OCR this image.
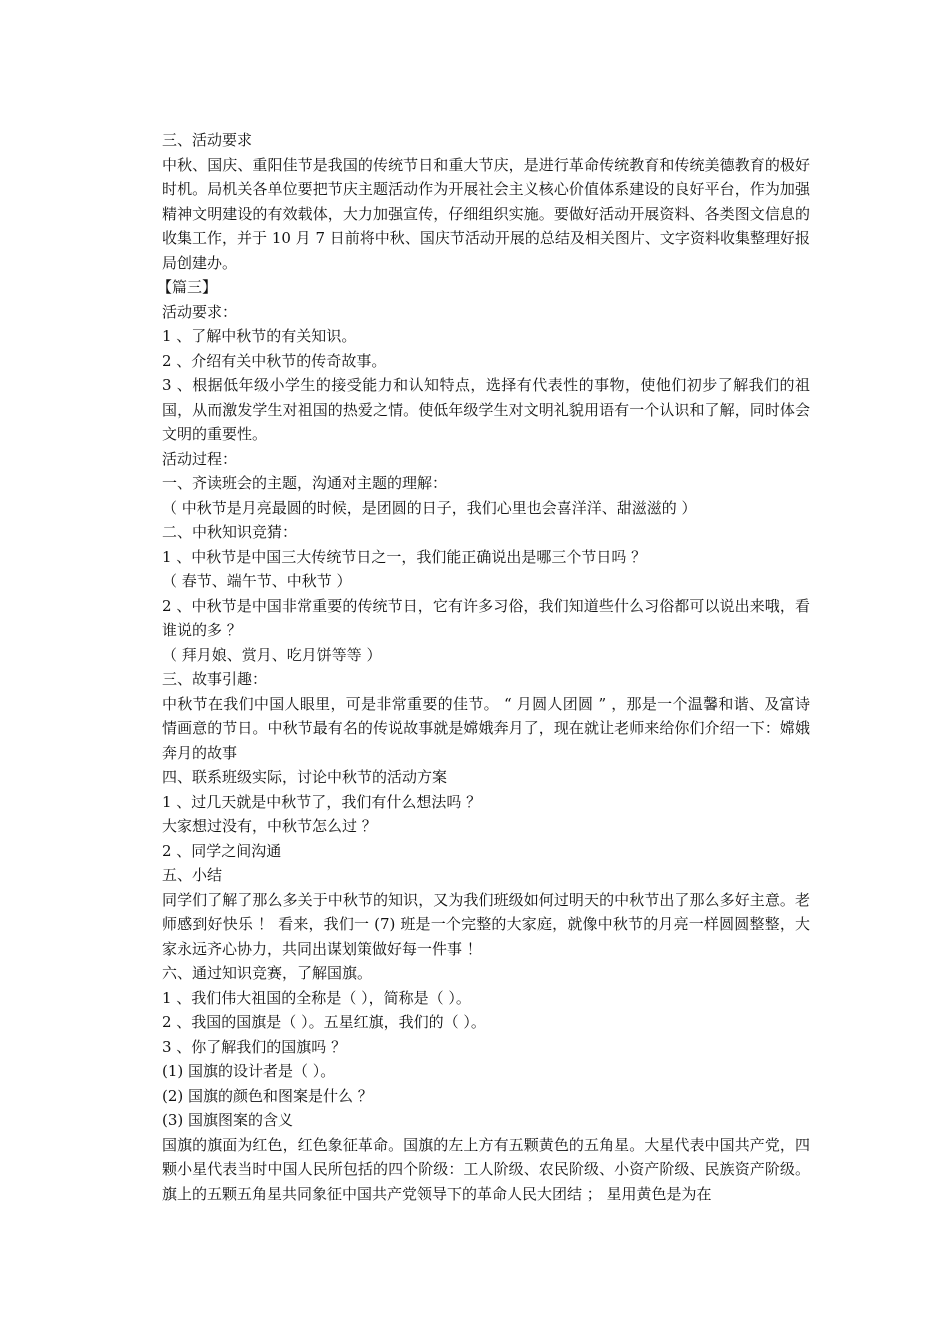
三、活动要求

中秋、国庆、重阳佳节是我国的传统节日和重大节庆，是进行革命传统教育和传统美德教育的极好时机。局机关各单位要把节庆主题活动作为开展社会主义核心价值体系建设的良好平台，作为加强精神文明建设的有效载体，大力加强宣传，仔细组织实施。要做好活动开展资料、各类图文信息的收集工作，并于 10 月 7 日前将中秋、国庆节活动开展的总结及相关图片、文字资料收集整理好报局创建办。

【篇三】

活动要求：

1 、了解中秋节的有关知识。

2 、介绍有关中秋节的传奇故事。

3 、根据低年级小学生的接受能力和认知特点，选择有代表性的事物，使他们初步了解我们的祖国，从而激发学生对祖国的热爱之情。使低年级学生对文明礼貌用语有一个认识和了解，同时体会文明的重要性。

活动过程：

一、齐读班会的主题，沟通对主题的理解：

（ 中秋节是月亮最圆的时候，是团圆的日子，我们心里也会喜洋洋、甜滋滋的 ）

二、中秋知识竞猜：

1 、中秋节是中国三大传统节日之一，我们能正确说出是哪三个节日吗 ？

（ 春节、端午节、中秋节 ）

2 、中秋节是中国非常重要的传统节日，它有许多习俗，我们知道些什么习俗都可以说出来哦，看谁说的多 ？

（ 拜月娘、赏月、吃月饼等等 ）

三、故事引趣：

中秋节在我们中国人眼里，可是非常重要的佳节。 “ 月圆人团圆 ” ，那是一个温馨和谐、及富诗情画意的节日。中秋节最有名的传说故事就是嫦娥奔月了，现在就让老师来给你们介绍一下：嫦娥奔月的故事

四、联系班级实际，讨论中秋节的活动方案

1 、过几天就是中秋节了，我们有什么想法吗 ？

大家想过没有，中秋节怎么过 ？

2 、同学之间沟通

五、小结

同学们了解了那么多关于中秋节的知识，又为我们班级如何过明天的中秋节出了那么多好主意。老师感到好快乐 ！ 看来，我们一 (7) 班是一个完整的大家庭，就像中秋节的月亮一样圆圆整整，大家永远齐心协力，共同出谋划策做好每一件事 ！

六、通过知识竞赛，了解国旗。

1 、我们伟大祖国的全称是（ ），简称是（ ）。

2 、我国的国旗是（ ）。五星红旗，我们的（ ）。

3 、你了解我们的国旗吗 ？

(1) 国旗的设计者是（ ）。

(2) 国旗的颜色和图案是什么 ？

(3) 国旗图案的含义

国旗的旗面为红色，红色象征革命。国旗的左上方有五颗黄色的五角星。大星代表中国共产党，四颗小星代表当时中国人民所包括的四个阶级：工人阶级、农民阶级、小资产阶级、民族资产阶级。旗上的五颗五角星共同象征中国共产党领导下的革命人民大团结 ； 星用黄色是为在
